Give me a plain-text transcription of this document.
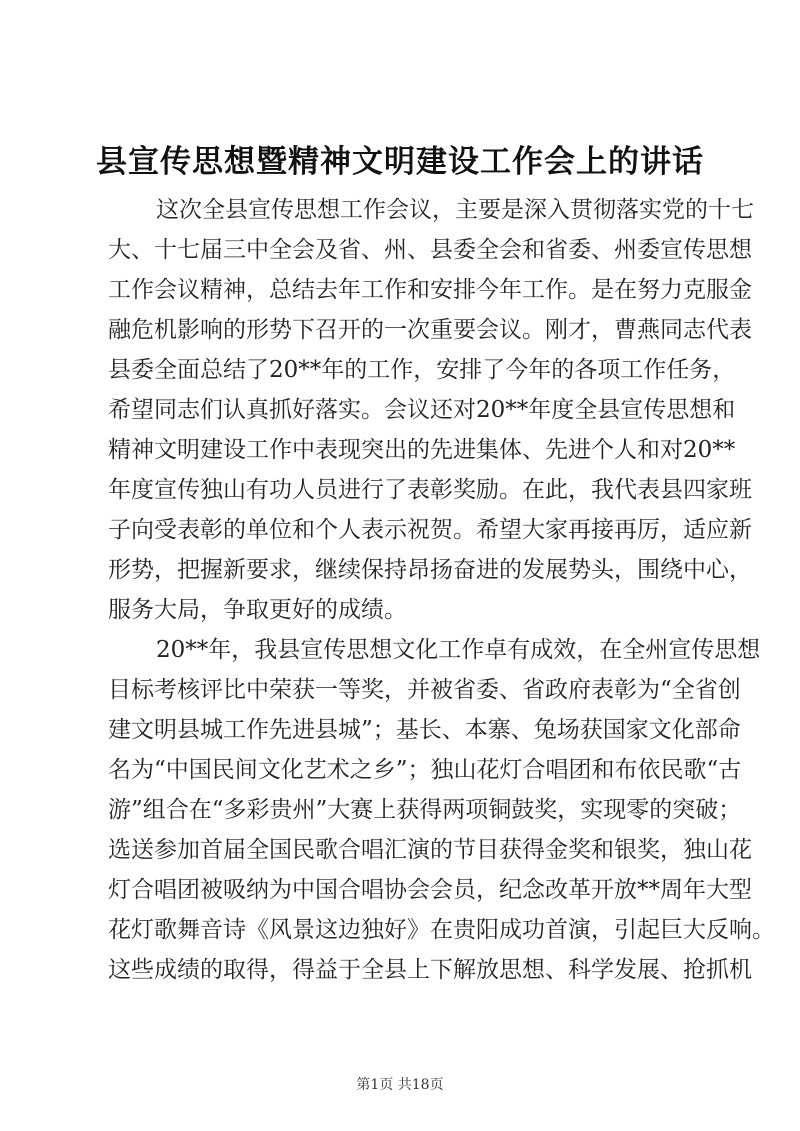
县宣传思想暨精神文明建设工作会上的讲话
这次全县宣传思想工作会议，主要是深入贯彻落实党的十七
大、十七届三中全会及省、州、县委全会和省委、州委宣传思想
工作会议精神，总结去年工作和安排今年工作。是在努力克服金
融危机影响的形势下召开的一次重要会议。刚才，曹燕同志代表
县委全面总结了20**年的工作，安排了今年的各项工作任务，
希望同志们认真抓好落实。会议还对20**年度全县宣传思想和
精神文明建设工作中表现突出的先进集体、先进个人和对20**
年度宣传独山有功人员进行了表彰奖励。在此，我代表县四家班
子向受表彰的单位和个人表示祝贺。希望大家再接再厉，适应新
形势，把握新要求，继续保持昂扬奋进的发展势头，围绕中心，
服务大局，争取更好的成绩。
20**年，我县宣传思想文化工作卓有成效，在全州宣传思想
目标考核评比中荣获一等奖，并被省委、省政府表彰为“全省创
建文明县城工作先进县城”；基长、本寨、兔场获国家文化部命
名为“中国民间文化艺术之乡”；独山花灯合唱团和布依民歌“古
游”组合在“多彩贵州”大赛上获得两项铜鼓奖，实现零的突破；
选送参加首届全国民歌合唱汇演的节目获得金奖和银奖，独山花
灯合唱团被吸纳为中国合唱协会会员，纪念改革开放**周年大型
花灯歌舞音诗《风景这边独好》在贵阳成功首演，引起巨大反响。
这些成绩的取得，得益于全县上下解放思想、科学发展、抢抓机
第1页 共18页
